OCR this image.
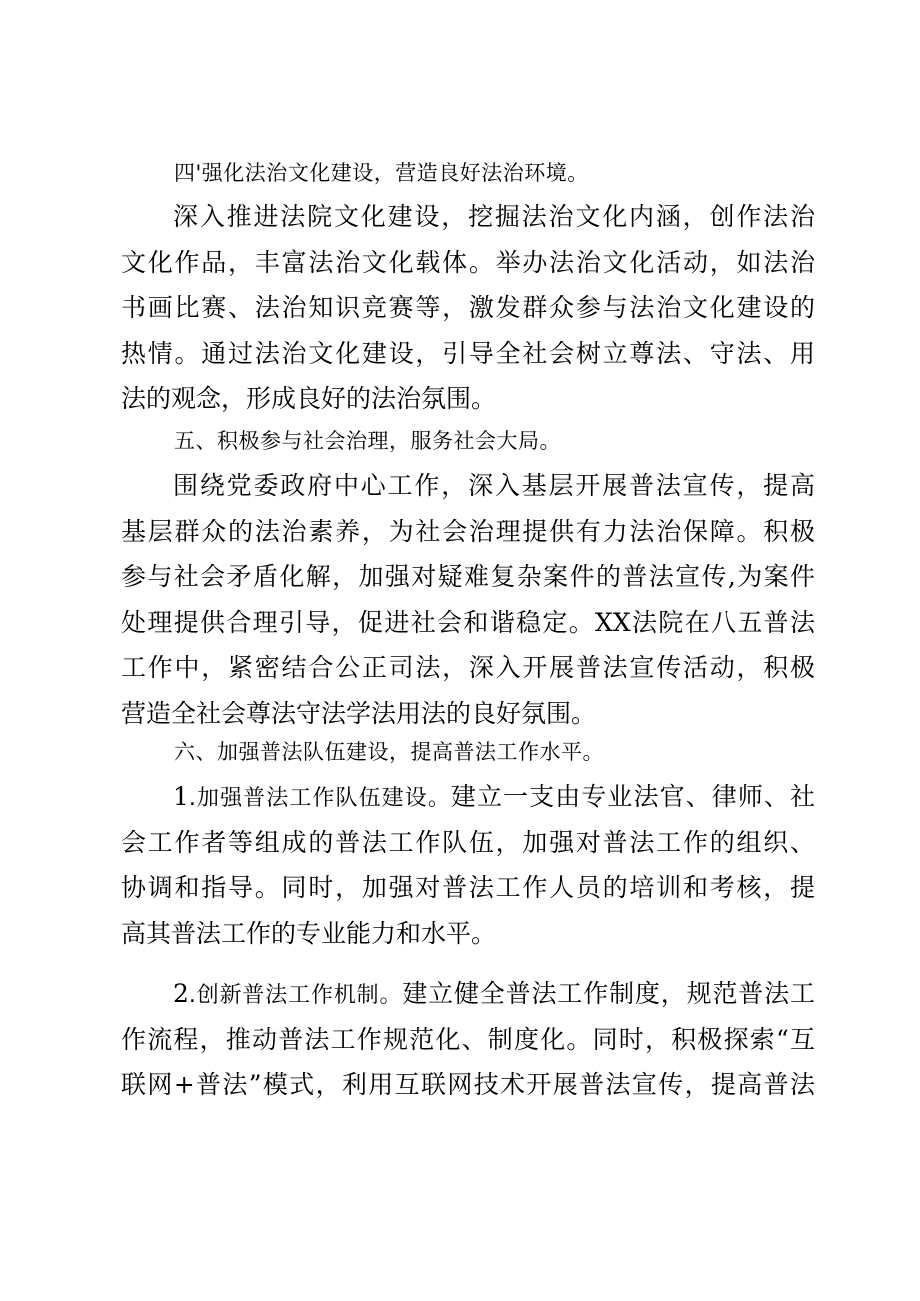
四'强化法治文化建设，营造良好法治环境。
深入推进法院文化建设，挖掘法治文化内涵，创作法治
文化作品，丰富法治文化载体。举办法治文化活动，如法治
书画比赛、法治知识竞赛等，激发群众参与法治文化建设的
热情。通过法治文化建设，引导全社会树立尊法、守法、用
法的观念，形成良好的法治氛围。
五、积极参与社会治理，服务社会大局。
围绕党委政府中心工作，深入基层开展普法宣传，提高
基层群众的法治素养，为社会治理提供有力法治保障。积极
参与社会矛盾化解，加强对疑难复杂案件的普法宣传,为案件
处理提供合理引导，促进社会和谐稳定。XX法院在八五普法
工作中，紧密结合公正司法，深入开展普法宣传活动，积极
营造全社会尊法守法学法用法的良好氛围。
六、加强普法队伍建设，提高普法工作水平。
1.加强普法工作队伍建设。建立一支由专业法官、律师、社
会工作者等组成的普法工作队伍，加强对普法工作的组织、
协调和指导。同时，加强对普法工作人员的培训和考核，提
高其普法工作的专业能力和水平。
2.创新普法工作机制。建立健全普法工作制度，规范普法工
作流程，推动普法工作规范化、制度化。同时，积极探索“互
联网+普法”模式，利用互联网技术开展普法宣传，提高普法
